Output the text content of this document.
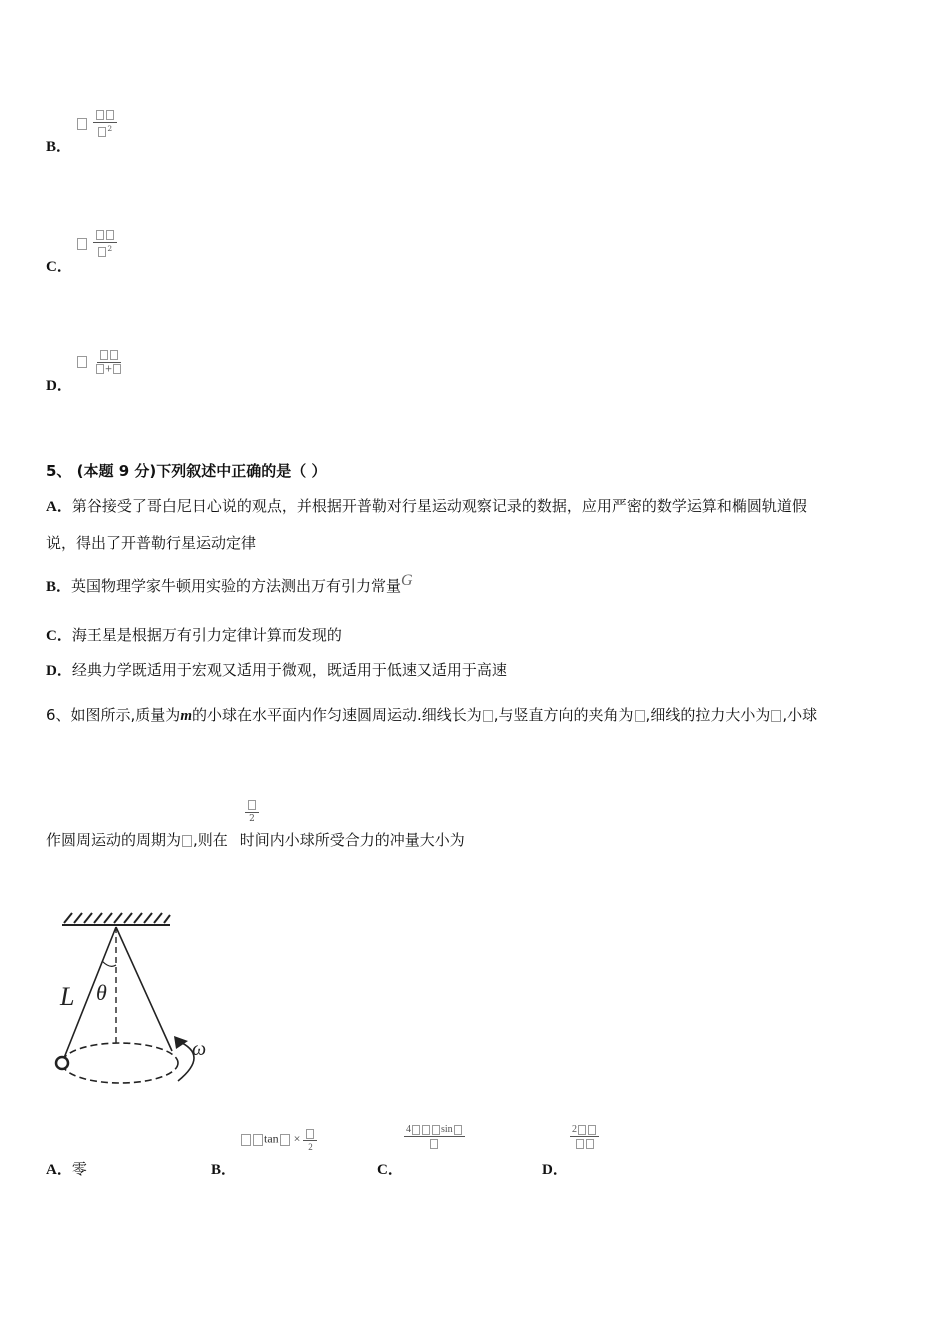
$^2$
B．

$^2$
C．

+
D．
5、 (本题 9 分)下列叙述中正确的是（ ）
A．第谷接受了哥白尼日心说的观点，并根据开普勒对行星运动观察记录的数据，应用严密的数学运算和椭圆轨道假
说，得出了开普勒行星运动定律
B．英国物理学家牛顿用实验的方法测出万有引力常量G
C．海王星是根据万有引力定律计算而发现的
D．经典力学既适用于宏观又适用于微观，既适用于低速又适用于高速
6、如图所示,质量为m的小球在水平面内作匀速圆周运动.细线长为 ,与竖直方向的夹角为 ,细线的拉力大小为 ,小球
2
作圆周运动的周期为 ,则在 时间内小球所受合力的冲量大小为
L θ
ω
A．零	B．
tan ×
2
C．
4	sin
D．
2
